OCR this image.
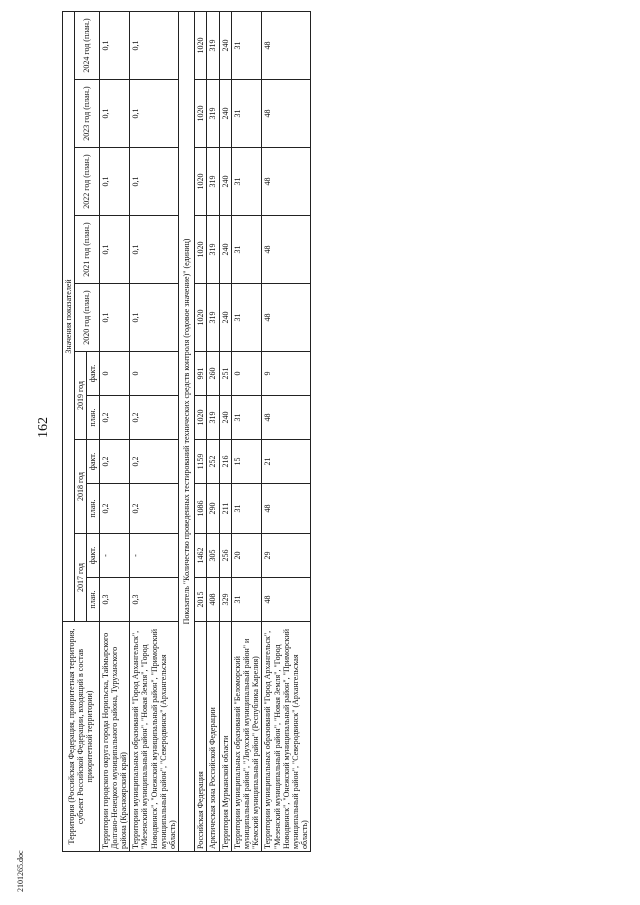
162
2101265.doc
Территория (Российская Федерация, приоритетная территория, субъект Российской Федерации, входящий в состав приоритетной территории)	Значения показателей										
	2017 год		2018 год		2019 год		2020 год (план.)	2021 год (план.)	2022 год (план.)	2023 год (план.)	2024 год (план.)
	план.	факт.	план.	факт.	план.	факт.					
Территории городского округа города Норильска, Таймырского Долгано-Ненецкого муниципального района, Туруханского района (Красноярский край)	0,3	-	0,2	0,2	0,2	0	0,1	0,1	0,1	0,1	0,1
Территории муниципальных образований "Город Архангельск", "Мезенский муниципальный район", "Новая Земля", "Город Новодвинск", "Онежский муниципальный район", "Приморский муниципальный район", "Северодвинск" (Архангельская область)	0,3	-	0,2	0,2	0,2	0	0,1	0,1	0,1	0,1	0,1
Показатель "Количество проведенных тестирований технических средств контроля (годовое значение)" (единиц)											
Российская Федерация	2015	1462	1086	1159	1020	991	1020	1020	1020	1020	1020
Арктическая зона Российской Федерации	408	305	290	252	319	260	319	319	319	319	319
Территория Мурманской области	329	256	211	216	240	251	240	240	240	240	240
Территории муниципальных образований "Беломорский муниципальный район", "Лоухский муниципальный район" и "Кемский муниципальный район" (Республика Карелия)	31	20	31	15	31	0	31	31	31	31	31
Территории муниципальных образований "Город Архангельск", "Мезенский муниципальный район", "Новая Земля", "Город Новодвинск", "Онежский муниципальный район", "Приморский муниципальный район", "Северодвинск" (Архангельская область)	48	29	48	21	48	9	48	48	48	48	48
